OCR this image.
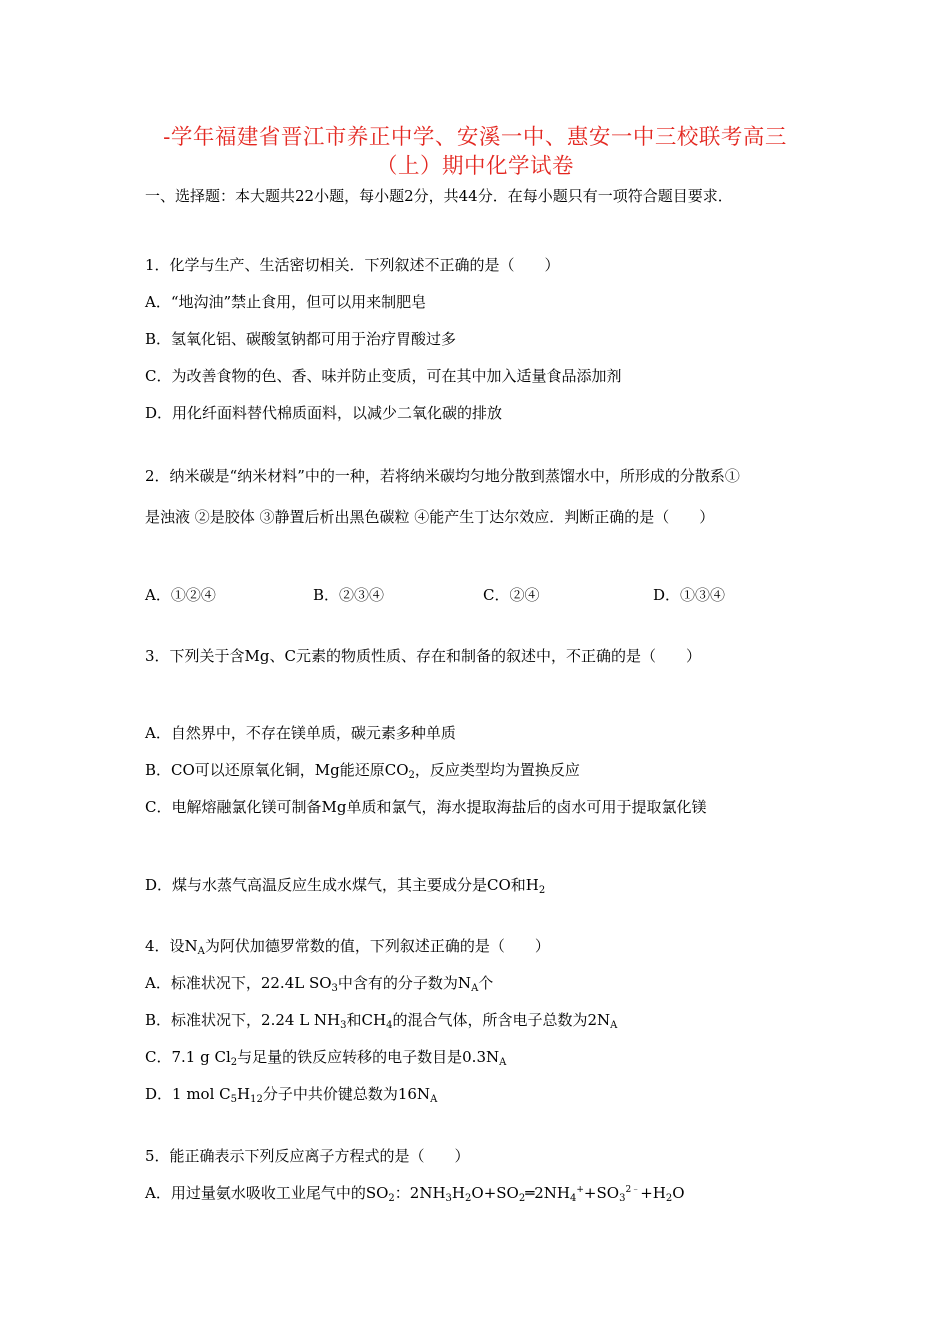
-学年福建省晋江市养正中学、安溪一中、惠安一中三校联考高三
（上）期中化学试卷
一、选择题：本大题共22小题，每小题2分，共44分．在每小题只有一项符合题目要求．
1．化学与生产、生活密切相关．下列叙述不正确的是（　　）
A．“地沟油”禁止食用，但可以用来制肥皂
B．氢氧化铝、碳酸氢钠都可用于治疗胃酸过多
C．为改善食物的色、香、味并防止变质，可在其中加入适量食品添加剂
D．用化纤面料替代棉质面料，以减少二氧化碳的排放
2．纳米碳是“纳米材料”中的一种，若将纳米碳均匀地分散到蒸馏水中，所形成的分散系①
是浊液 ②是胶体 ③静置后析出黑色碳粒 ④能产生丁达尔效应．判断正确的是（　　）
A．①②④	B．②③④	C．②④	D．①③④
3．下列关于含Mg、C元素的物质性质、存在和制备的叙述中，不正确的是（　　）
A．自然界中，不存在镁单质，碳元素多种单质
B．CO可以还原氧化铜，Mg能还原$CO_2$，反应类型均为置换反应
C．电解熔融氯化镁可制备Mg单质和氯气，海水提取海盐后的卤水可用于提取氯化镁
D．煤与水蒸气高温反应生成水煤气，其主要成分是CO和$H_2$
4．设$N_A$为阿伏加德罗常数的值，下列叙述正确的是（　　）
A．标准状况下，22.4L $SO_3$中含有的分子数为$N_A$个
B．标准状况下，2.24 L $NH_3$和$CH_4$的混合气体，所含电子总数为$2N_A$
C．7.1 g $Cl_2$与足量的铁反应转移的电子数目是$0.3N_A$
D．1 mol $C_5H_{12}$分子中共价键总数为$16N_A$
5．能正确表示下列反应离子方程式的是（　　）
A．用过量氨水吸收工业尾气中的$SO_2$：$2NH_3H_2O+SO_2═2NH_4^++SO_3^{2﹣}+H_2O$
